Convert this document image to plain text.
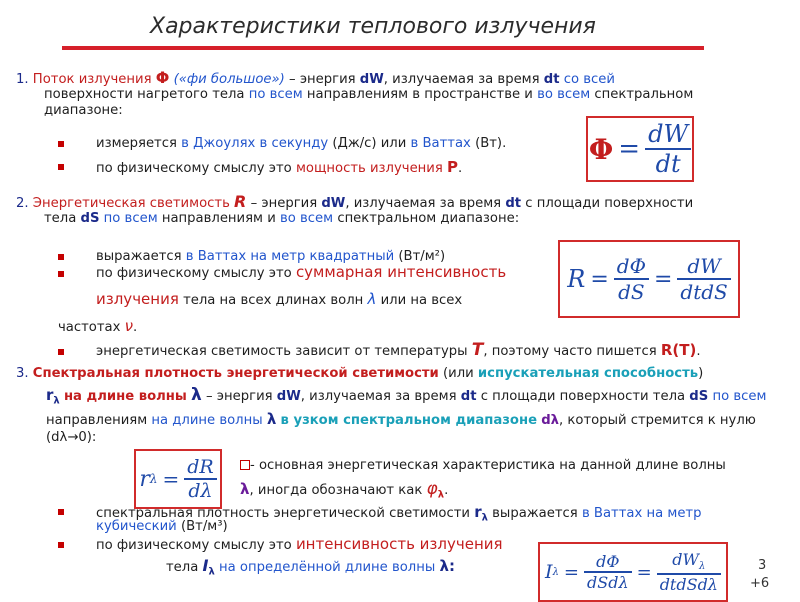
Характеристики теплового излучения
1. Поток излучения Φ («фи большое») – энергия dW, излучаемая за время dt со всей
поверхности нагретого тела по всем направлениям в пространстве и во всем спектральном
диапазоне:
измеряется в Джоулях в секунду (Дж/с) или в Ваттах (Вт).
по физическому смыслу это мощность излучения P.
$\Phi = \frac{dW}{dt}$
2. Энергетическая светимость R – энергия dW, излучаемая за время dt с площади поверхности
тела dS по всем направлениям и во всем спектральном диапазоне:
выражается в Ваттах на метр квадратный (Вт/м²)
по физическому смыслу это суммарная интенсивность
излучения тела на всех длинах волн λ или на всех
частотах ν.
энергетическая светимость зависит от температуры T, поэтому часто пишется R(T).
$R = \frac{d\Phi}{dS} = \frac{dW}{\text{dtdS}}$
3. Спектральная плотность энергетической светимости (или испускательная способность)
$r_\lambda$ на длине волны λ – энергия dW, излучаемая за время dt с площади поверхности тела dS по всем
направлениям на длине волны λ в узком спектральном диапазоне dλ, который стремится к нулю
(dλ→0):
r $\lambda = \frac{dR}{d\lambda}$	- основная энергетическая характеристика на данной длине волны
λ, иногда обозначают как $\varphi_\lambda$.
спектральная плотность энергетической светимости $r_\lambda$ выражается в Ваттах на метр
кубический (Вт/м³)
по физическому смыслу это интенсивность излучения
тела $I_\lambda$ на определённой длине волны λ:	I $\lambda = \frac{d\Phi}{\text{dSdλ}} = \frac{dW_\lambda}{\text{dtdSdλ}}$	3
+6
